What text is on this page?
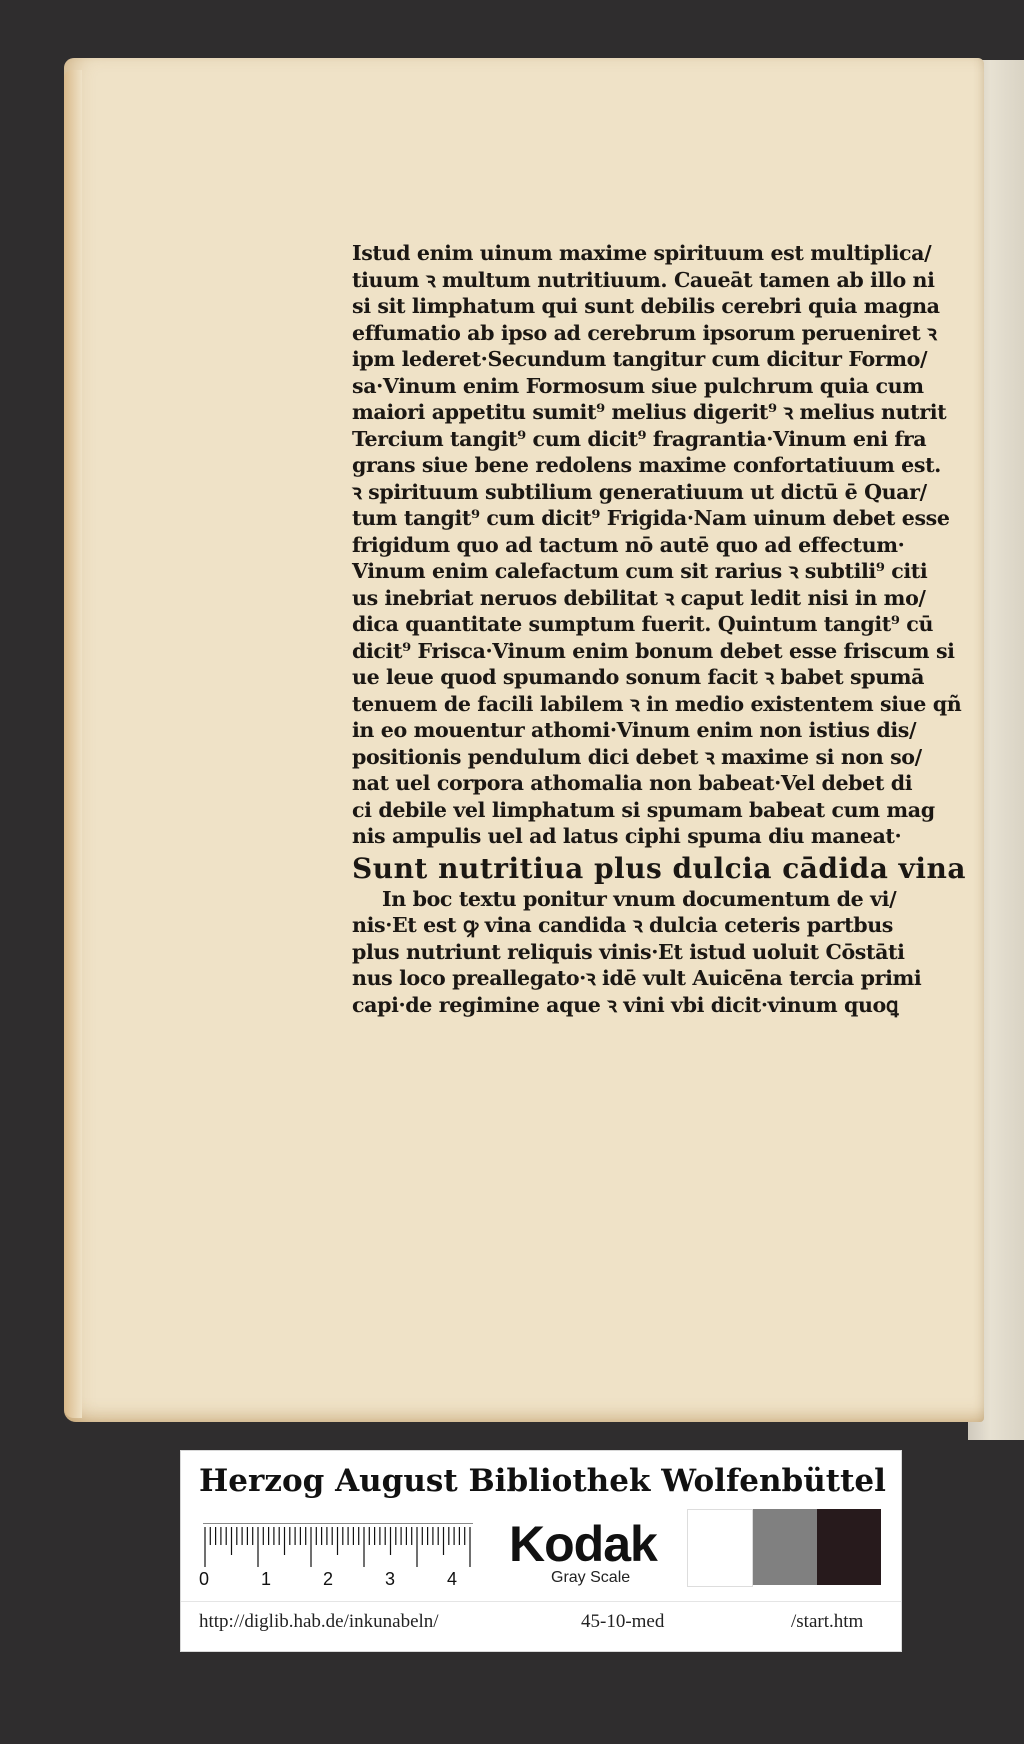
Istud enim uinum maxime spirituum est multiplica/
tiuum ꝛ multum nutritiuum. Caueāt tamen ab illo ni
si sit limphatum qui sunt debilis cerebri quia magna
effumatio ab ipso ad cerebrum ipsorum perueniret ꝛ
ipm lederet·Secundum tangitur cum dicitur Formo/
sa·Vinum enim Formosum siue pulchrum quia cum
maiori appetitu sumit⁹ melius digerit⁹ ꝛ melius nutrit
Tercium tangit⁹ cum dicit⁹ fragrantia·Vinum eni fra
grans siue bene redolens maxime confortatiuum est.
ꝛ spirituum subtilium generatiuum ut dictū ē Quar/
tum tangit⁹ cum dicit⁹ Frigida·Nam uinum debet esse
frigidum quo ad tactum nō autē quo ad effectum·
Vinum enim calefactum cum sit rarius ꝛ subtili⁹ citi
us inebriat neruos debilitat ꝛ caput ledit nisi in mo/
dica quantitate sumptum fuerit. Quintum tangit⁹ cū
dicit⁹ Frisca·Vinum enim bonum debet esse friscum si
ue leue quod spumando sonum facit ꝛ babet spumā
tenuem de facili labilem ꝛ in medio existentem siue qñ
in eo mouentur athomi·Vinum enim non istius dis/
positionis pendulum dici debet ꝛ maxime si non so/
nat uel corpora athomalia non babeat·Vel debet di
ci debile vel limphatum si spumam babeat cum mag
nis ampulis uel ad latus ciphi spuma diu maneat·
Sunt nutritiua plus dulcia cādida vina
In boc textu ponitur vnum documentum de vi/
nis·Et est ꝙ vina candida ꝛ dulcia ceteris partbus
plus nutriunt reliquis vinis·Et istud uoluit Cōstāti
nus loco preallegato·ꝛ idē vult Auicēna tercia primi
capi·de regimine aque ꝛ vini vbi dicit·vinum quoꝗ
Herzog August Bibliothek Wolfenbüttel
0	1	2	3	4
Kodak
Gray Scale
http://diglib.hab.de/inkunabeln/	45-10-med	/start.htm
